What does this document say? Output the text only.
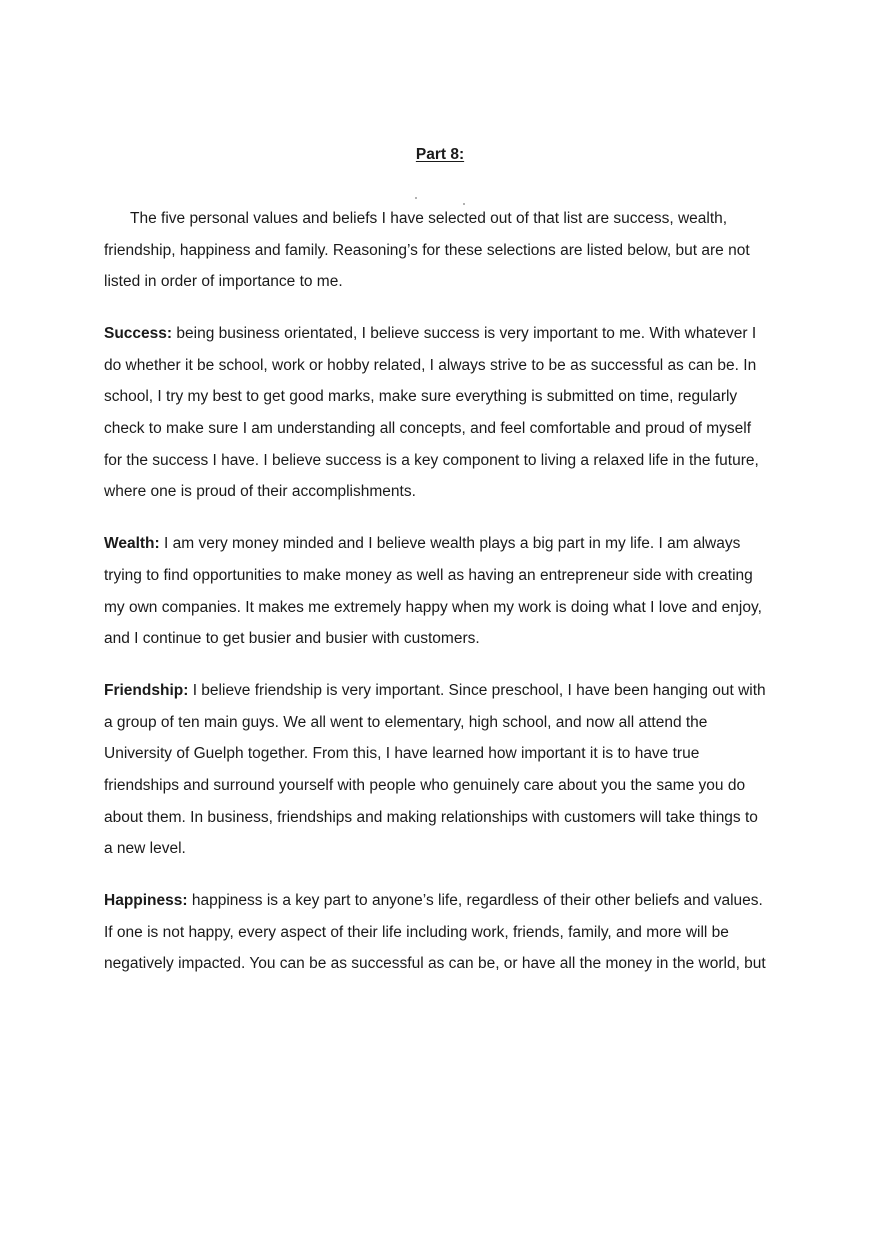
Part 8:

The five personal values and beliefs I have selected out of that list are success, wealth, friendship, happiness and family. Reasoning’s for these selections are listed below, but are not listed in order of importance to me.

Success: being business orientated, I believe success is very important to me. With whatever I do whether it be school, work or hobby related, I always strive to be as successful as can be. In school, I try my best to get good marks, make sure everything is submitted on time, regularly check to make sure I am understanding all concepts, and feel comfortable and proud of myself for the success I have. I believe success is a key component to living a relaxed life in the future, where one is proud of their accomplishments.

Wealth: I am very money minded and I believe wealth plays a big part in my life. I am always trying to find opportunities to make money as well as having an entrepreneur side with creating my own companies. It makes me extremely happy when my work is doing what I love and enjoy, and I continue to get busier and busier with customers.

Friendship: I believe friendship is very important. Since preschool, I have been hanging out with a group of ten main guys. We all went to elementary, high school, and now all attend the University of Guelph together. From this, I have learned how important it is to have true friendships and surround yourself with people who genuinely care about you the same you do about them. In business, friendships and making relationships with customers will take things to a new level.

Happiness: happiness is a key part to anyone’s life, regardless of their other beliefs and values. If one is not happy, every aspect of their life including work, friends, family, and more will be negatively impacted. You can be as successful as can be, or have all the money in the world, but
